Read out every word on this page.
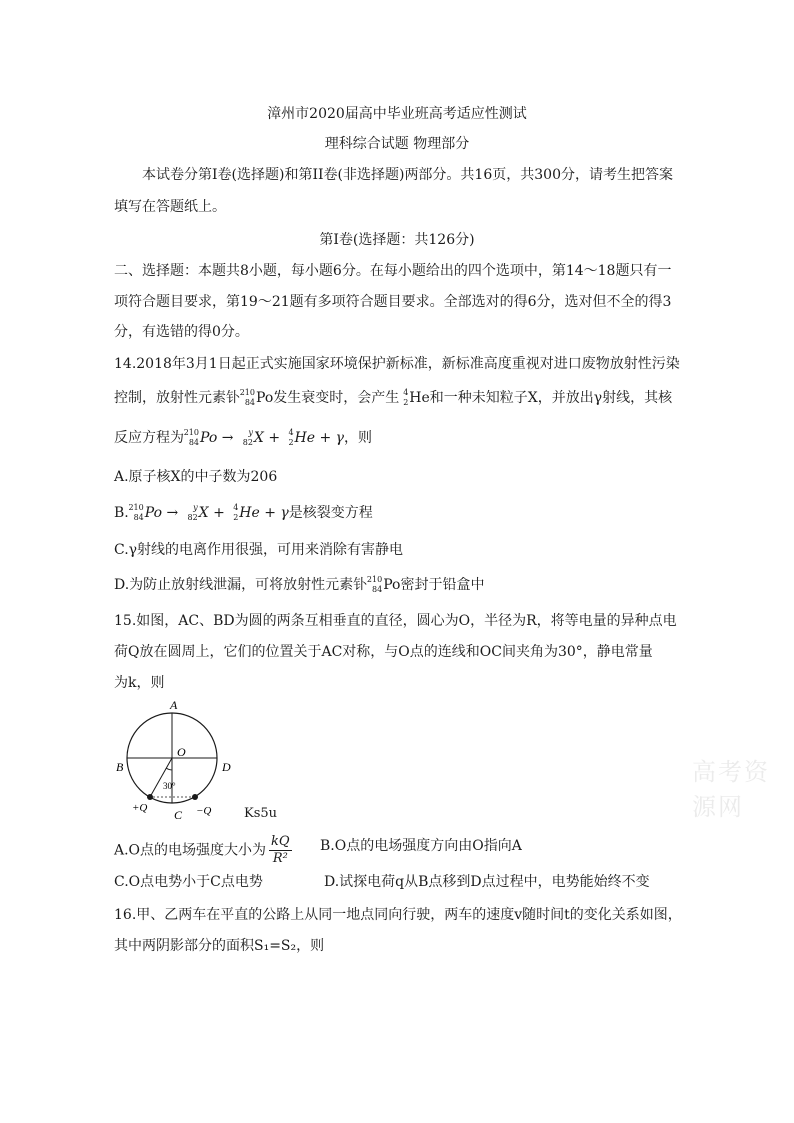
漳州市2020届高中毕业班高考适应性测试
理科综合试题 物理部分
本试卷分第I卷(选择题)和第II卷(非选择题)两部分。共16页，共300分，请考生把答案
填写在答题纸上。
第I卷(选择题：共126分)
二、选择题：本题共8小题，每小题6分。在每小题给出的四个选项中，第14～18题只有一
项符合题目要求，第19～21题有多项符合题目要求。全部选对的得6分，选对但不全的得3
分，有选错的得0分。
14.2018年3月1日起正式实施国家环境保护新标准，新标准高度重视对进口废物放射性污染
控制，放射性元素钋 210
84 Po发生衰变时，会产生 4
2 He和一种未知粒子X，并放出γ射线，其核
反应方程为 210
84 Po → y
82 X + 4
2 He + γ，则
A.原子核X的中子数为206
B. 210
84 Po → y
82 X + 4
2 He + γ是核裂变方程
C.γ射线的电离作用很强，可用来消除有害静电
D.为防止放射线泄漏，可将放射性元素钋 210
84 Po密封于铅盒中
15.如图，AC、BD为圆的两条互相垂直的直径，圆心为O，半径为R，将等电量的异种点电
荷Q放在圆周上，它们的位置关于AC对称，与O点的连线和OC间夹角为30°，静电常量
为k，则
A
B
C
D
O
30°
+Q	−Q
高考资源网
Ks5u
A.O点的电场强度大小为 $\frac{kQ}{\text{R²}} B.O$点的电场强度方向由O指向A
C.O点电势小于C点电势	D.试探电荷q从B点移到D点过程中，电势能始终不变
16.甲、乙两车在平直的公路上从同一地点同向行驶，两车的速度v随时间t的变化关系如图，
其中两阴影部分的面积S₁=S₂，则
